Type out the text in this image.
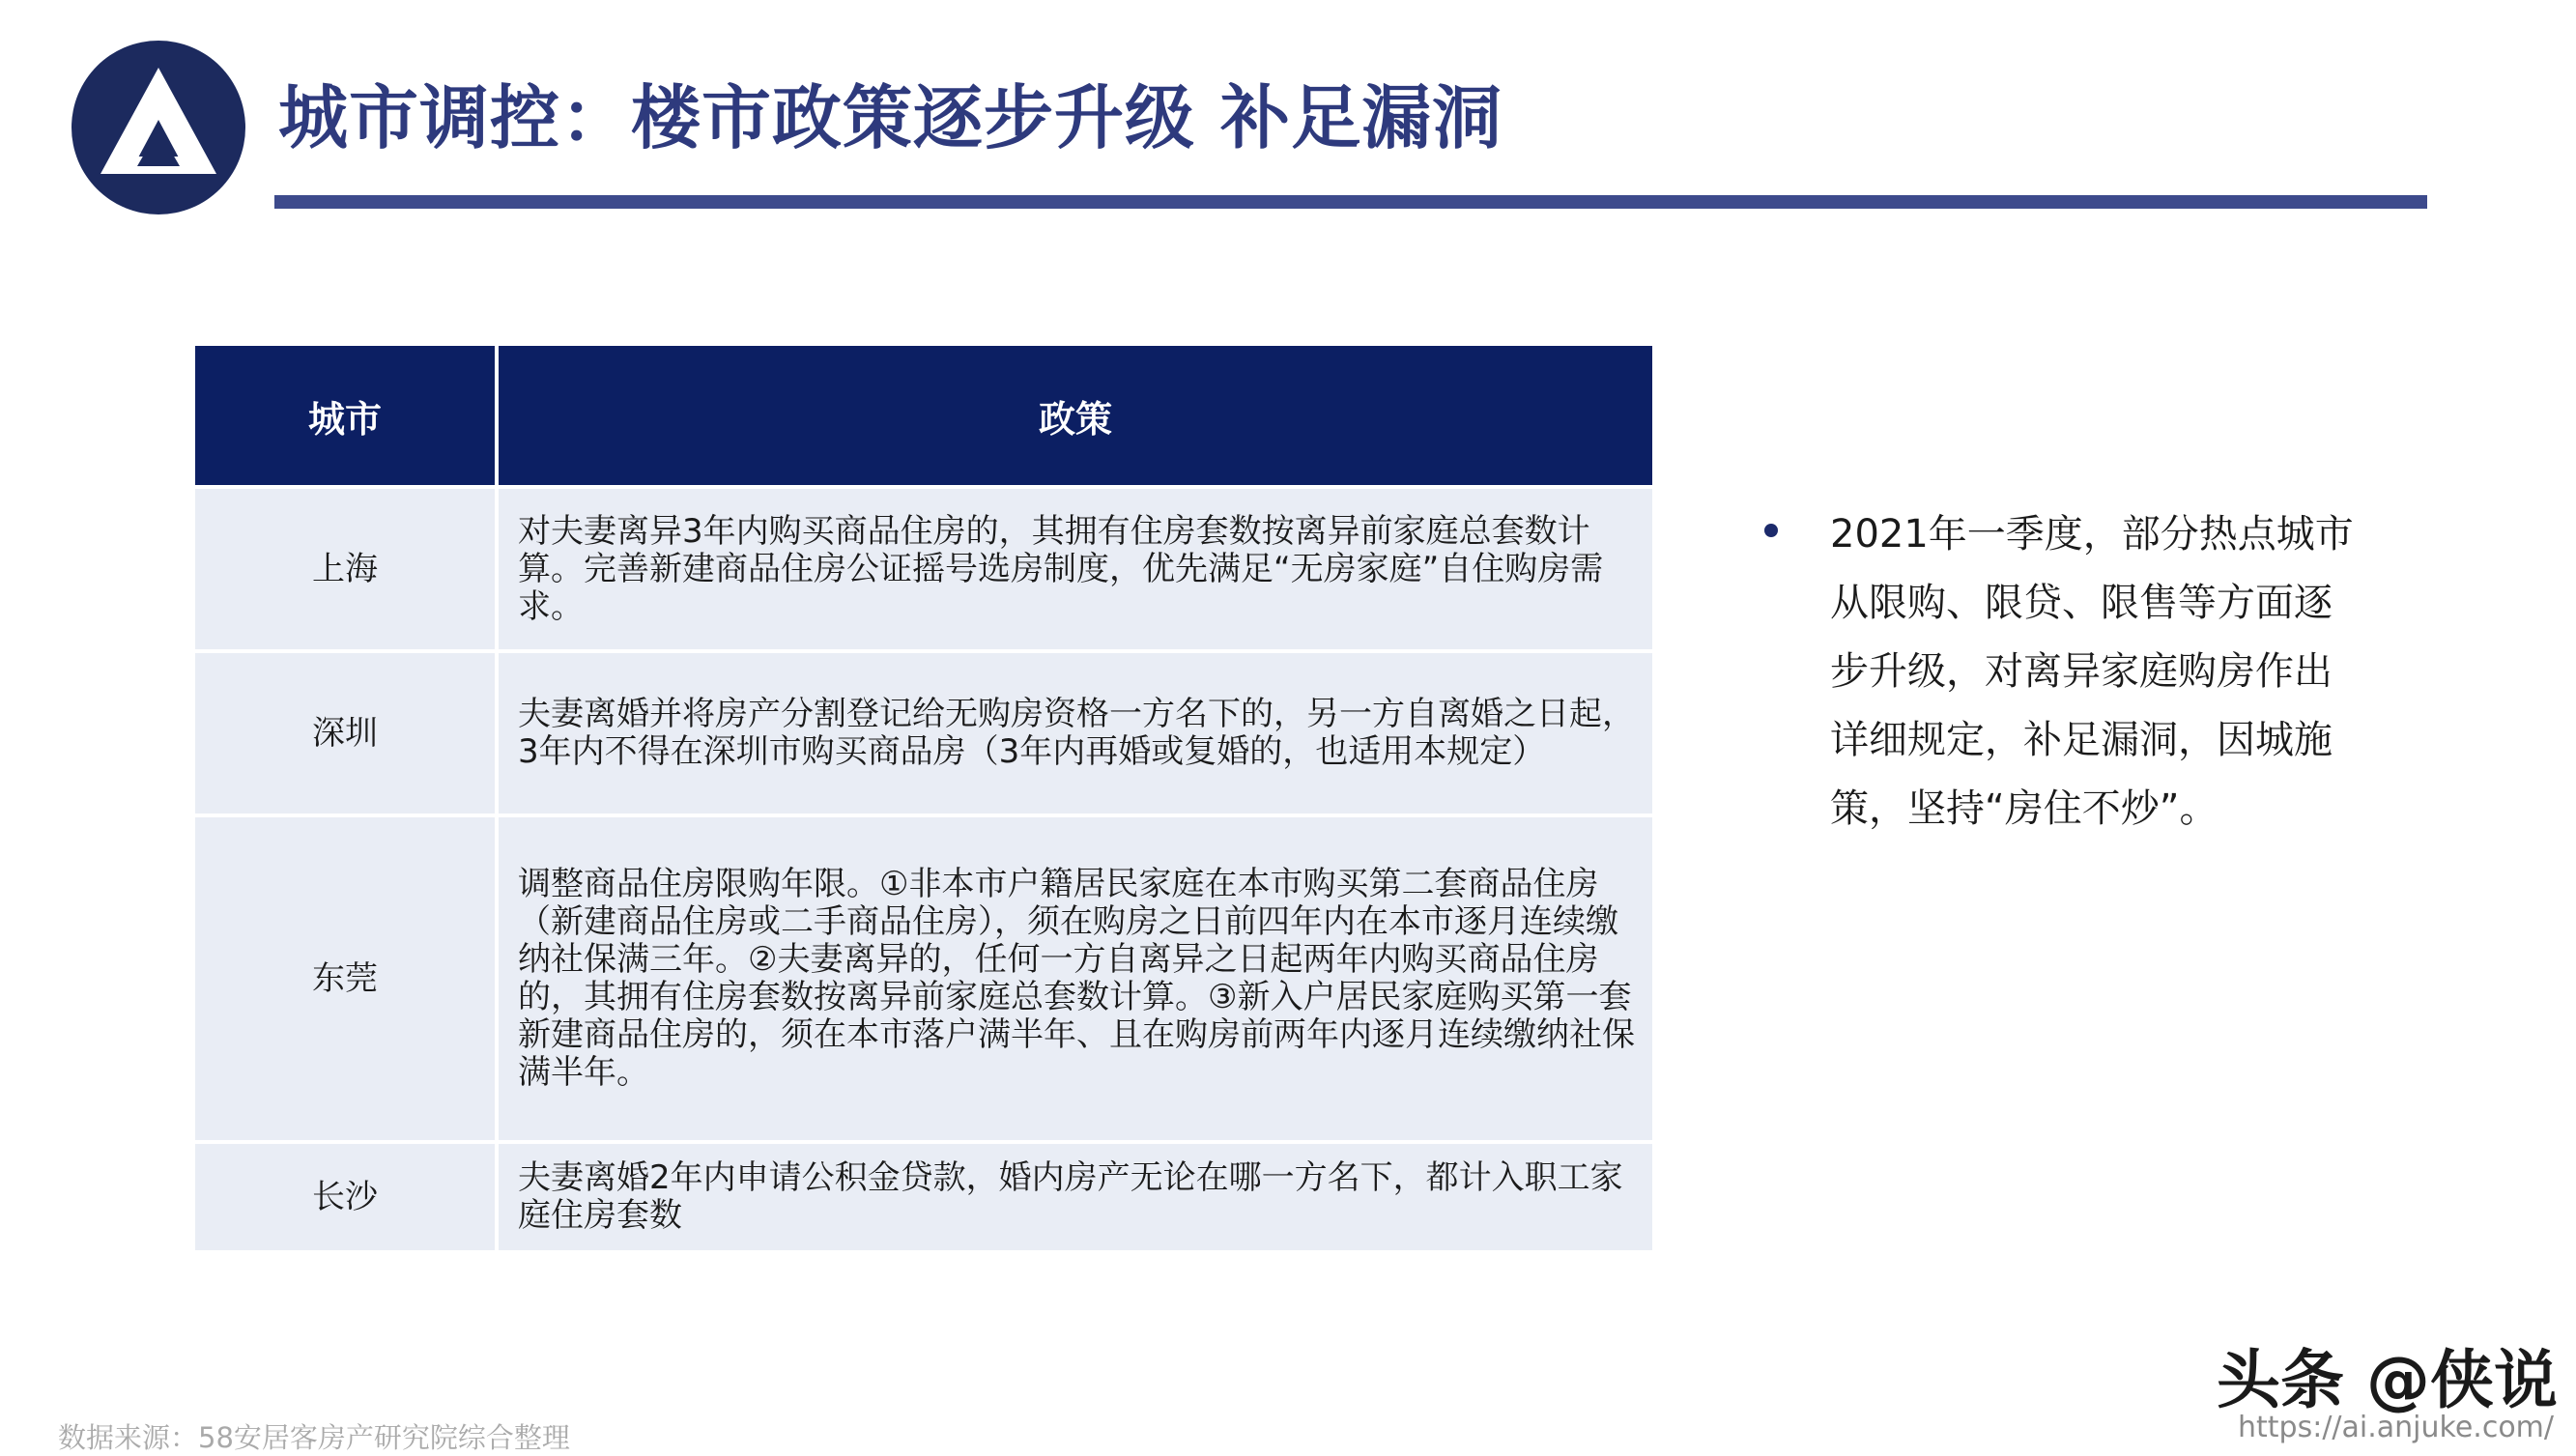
城市调控：楼市政策逐步升级 补足漏洞
城市	政策
上海	对夫妻离异3年内购买商品住房的，其拥有住房套数按离异前家庭总套数计算。完善新建商品住房公证摇号选房制度，优先满足“无房家庭”自住购房需求。
深圳	夫妻离婚并将房产分割登记给无购房资格一方名下的，另一方自离婚之日起，3年内不得在深圳市购买商品房（3年内再婚或复婚的，也适用本规定）
东莞	调整商品住房限购年限。①非本市户籍居民家庭在本市购买第二套商品住房（新建商品住房或二手商品住房），须在购房之日前四年内在本市逐月连续缴纳社保满三年。②夫妻离异的，任何一方自离异之日起两年内购买商品住房的，其拥有住房套数按离异前家庭总套数计算。③新入户居民家庭购买第一套新建商品住房的，须在本市落户满半年、且在购房前两年内逐月连续缴纳社保满半年。
长沙	夫妻离婚2年内申请公积金贷款，婚内房产无论在哪一方名下，都计入职工家庭住房套数
2021年一季度，部分热点城市从限购、限贷、限售等方面逐步升级，对离异家庭购房作出详细规定，补足漏洞，因城施策，坚持“房住不炒”。
数据来源：58安居客房产研究院综合整理
头条 @侠说
https://ai.anjuke.com/
